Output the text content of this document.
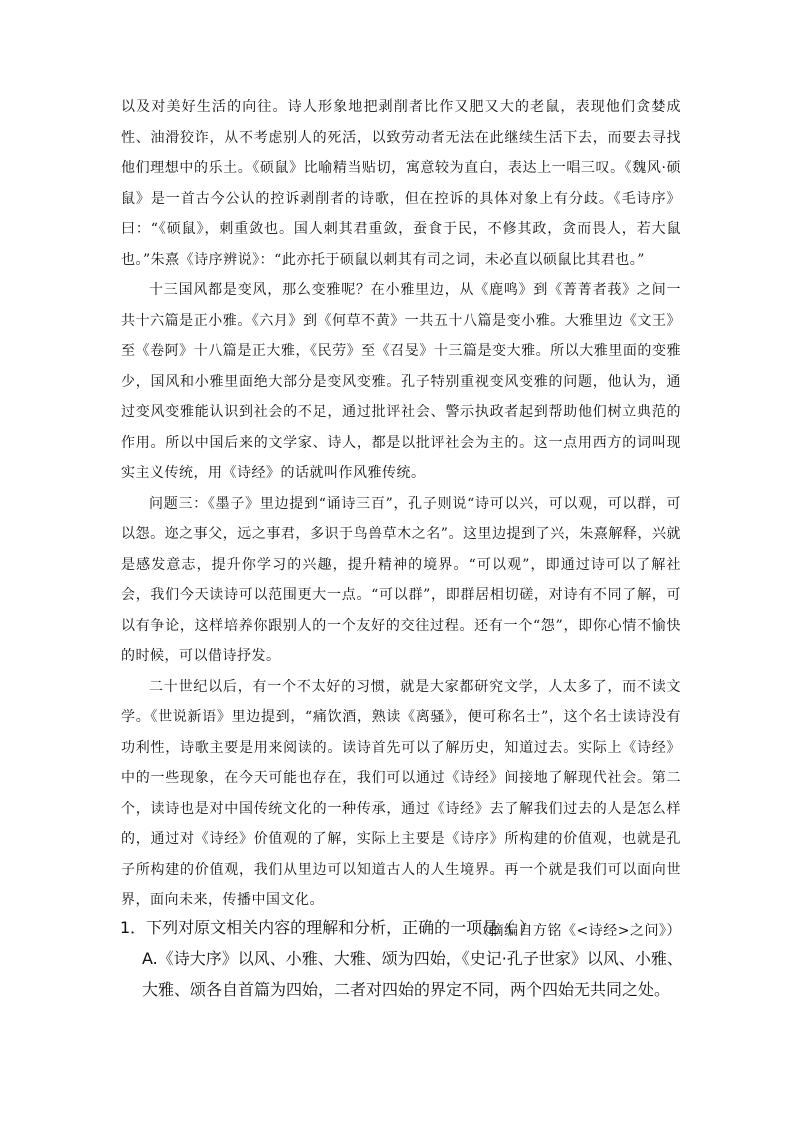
以及对美好生活的向往。诗人形象地把剥削者比作又肥又大的老鼠，表现他们贪婪成性、油滑狡诈，从不考虑别人的死活，以致劳动者无法在此继续生活下去，而要去寻找他们理想中的乐土。《硕鼠》比喻精当贴切，寓意较为直白，表达上一唱三叹。《魏风·硕鼠》是一首古今公认的控诉剥削者的诗歌，但在控诉的具体对象上有分歧。《毛诗序》曰：“《硕鼠》，刺重敛也。国人刺其君重敛，蚕食于民，不修其政，贪而畏人，若大鼠也。”朱熹《诗序辨说》：“此亦托于硕鼠以刺其有司之词，未必直以硕鼠比其君也。”

十三国风都是变风，那么变雅呢？在小雅里边，从《鹿鸣》到《菁菁者莪》之间一共十六篇是正小雅。《六月》到《何草不黄》一共五十八篇是变小雅。大雅里边《文王》至《卷阿》十八篇是正大雅，《民劳》至《召旻》十三篇是变大雅。所以大雅里面的变雅少，国风和小雅里面绝大部分是变风变雅。孔子特别重视变风变雅的问题，他认为，通过变风变雅能认识到社会的不足，通过批评社会、警示执政者起到帮助他们树立典范的作用。所以中国后来的文学家、诗人，都是以批评社会为主的。这一点用西方的词叫现实主义传统，用《诗经》的话就叫作风雅传统。

问题三：《墨子》里边提到“诵诗三百”，孔子则说“诗可以兴，可以观，可以群，可以怨。迩之事父，远之事君，多识于鸟兽草木之名”。这里边提到了兴，朱熹解释，兴就是感发意志，提升你学习的兴趣，提升精神的境界。“可以观”，即通过诗可以了解社会，我们今天读诗可以范围更大一点。“可以群”，即群居相切磋，对诗有不同了解，可以有争论，这样培养你跟别人的一个友好的交往过程。还有一个“怨”，即你心情不愉快的时候，可以借诗抒发。

二十世纪以后，有一个不太好的习惯，就是大家都研究文学，人太多了，而不读文学。《世说新语》里边提到，“痛饮酒，熟读《离骚》，便可称名士”，这个名士读诗没有功利性，诗歌主要是用来阅读的。读诗首先可以了解历史，知道过去。实际上《诗经》中的一些现象，在今天可能也存在，我们可以通过《诗经》间接地了解现代社会。第二个，读诗也是对中国传统文化的一种传承，通过《诗经》去了解我们过去的人是怎么样的，通过对《诗经》价值观的了解，实际上主要是《诗序》所构建的价值观，也就是孔子所构建的价值观，我们从里边可以知道古人的人生境界。再一个就是我们可以面向世界，面向未来，传播中国文化。

（摘编自方铭《<诗经>之问》）

1．下列对原文相关内容的理解和分析，正确的一项是（ ）

A.《诗大序》以风、小雅、大雅、颂为四始，《史记·孔子世家》以风、小雅、大雅、颂各自首篇为四始，二者对四始的界定不同，两个四始无共同之处。
